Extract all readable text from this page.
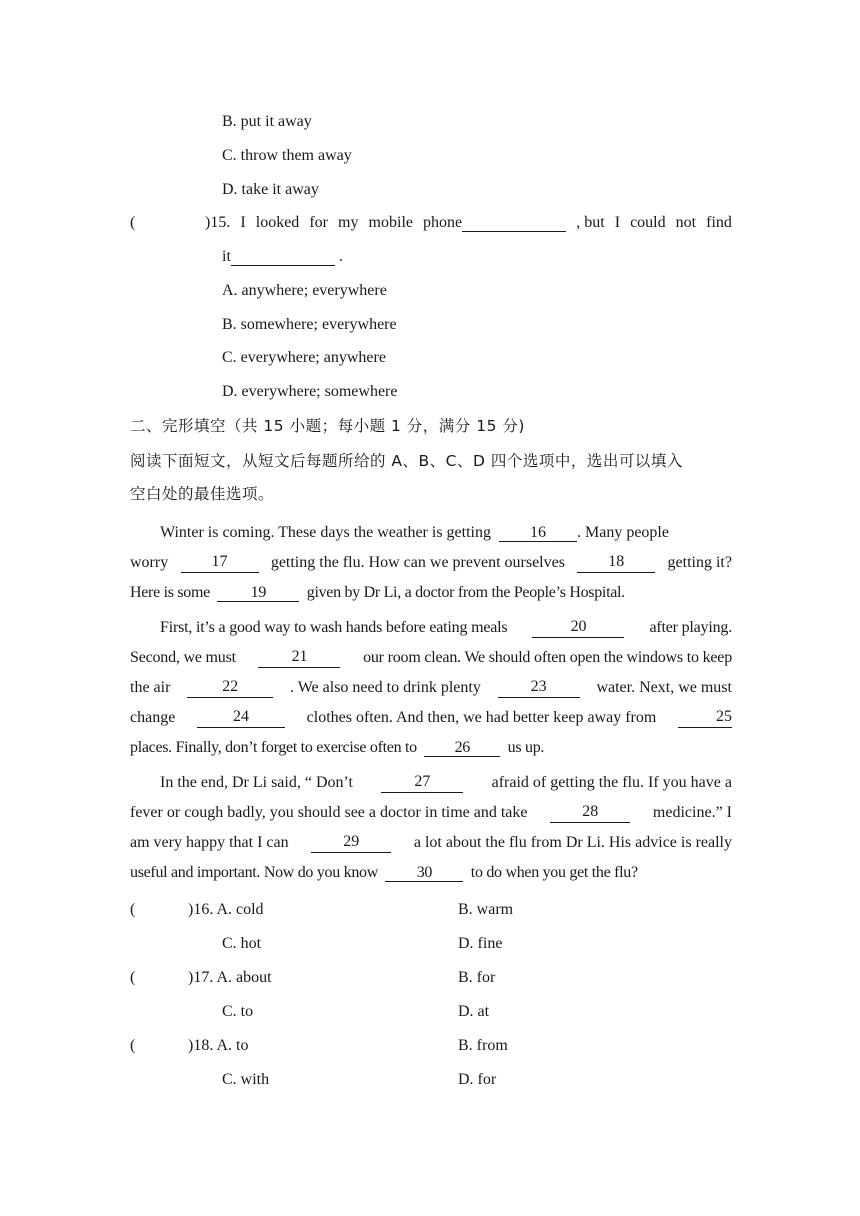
B. put it away
C. throw them away
D. take it away
(	)15. I looked for my mobile phone	, but I could not find
it	.
A. anywhere; everywhere
B. somewhere; everywhere
C. everywhere; anywhere
D. everywhere; somewhere
二、完形填空（共 15 小题；每小题 1 分，满分 15 分)
阅读下面短文，从短文后每题所给的 A、B、C、D 四个选项中，选出可以填入
空白处的最佳选项。
Winter is coming. These days the weather is getting 16 . Many people
worry	17	getting the flu. How can we prevent ourselves	18	getting it?
Here is some	19	given by Dr Li, a doctor from the People’s Hospital.
First, it’s a good way to wash hands before eating meals	20	after playing.
Second, we must	21	our room clean. We should often open the windows to keep
the air	22	. We also need to drink plenty	23	water. Next, we must
change	24	clothes often. And then, we had better keep away from	25
places. Finally, don’t forget to exercise often to 26 us up.
In the end, Dr Li said, “ Don’t	27	afraid of getting the flu. If you have a
fever or cough badly, you should see a doctor in time and take	28	medicine.” I
am very happy that I can	29	a lot about the flu from Dr Li. His advice is really
useful and important. Now do you know 30 to do when you get the flu?
(	)16. A. cold	B. warm
C. hot	D. fine
(	)17. A. about	B. for
C. to	D. at
(	)18. A. to	B. from
C. with	D. for
